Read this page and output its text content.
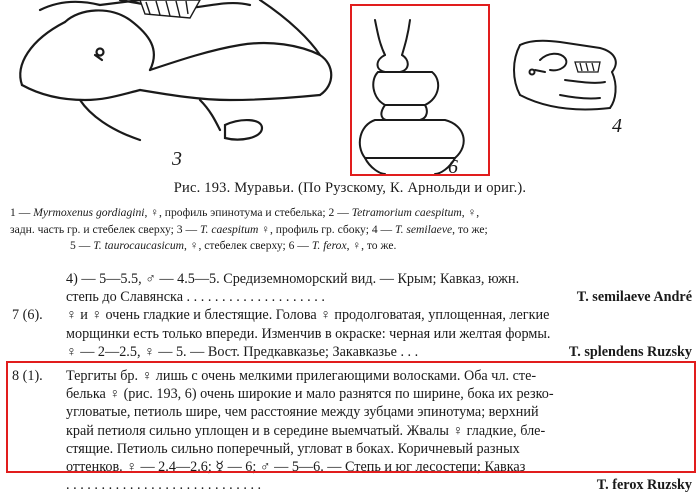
3	6
4
Рис. 193. Муравьи. (По Рузскому, К. Арнольди и ориг.).
1 — Myrmoxenus gordiagini, ♀, профиль эпинотума и стебелька; 2 — Tetramorium caespitum, ♀,
задн. часть гр. и стебелек сверху; 3 — T. caespitum ♀, профиль гр. сбоку; 4 — T. semilaeve, то же;
5 — T. taurocaucasicum, ♀, стебелек сверху; 6 — T. ferox, ♀, то же.
4) — 5—5.5, ♂ — 4.5—5. Средиземноморский вид. — Крым; Кавказ, южн.
степь до Славянска . . . . . . . . . . . . . . . . . . . .	T. semilaeve André
7 (6). ♀ и ♀ очень гладкие и блестящие. Голова ♀ продолговатая, уплощенная, легкие
морщинки есть только впереди. Изменчив в окраске: черная или желтая формы.
♀ — 2—2.5, ♀ — 5. — Вост. Предкавказье; Закавказье . . .	T. splendens Ruzsky
8 (1). Тергиты бр. ♀ лишь с очень мелкими прилегающими волосками. Оба чл. сте-
белька ♀ (рис. 193, 6) очень широкие и мало разнятся по ширине, бока их резко-
угловатые, петиоль шире, чем расстояние между зубцами эпинотума; верхний
край петиоля сильно уплощен и в середине выемчатый. Жвалы ♀ гладкие, бле-
стящие. Петиоль сильно поперечный, угловат в боках. Коричневый разных
оттенков. ♀ — 2.4—2.6; ☿ — 6; ♂ — 5—6. — Степь и юг лесостепи; Кавказ
. . . . . . . . . . . . . . . . . . . . . . . . . . . .	T. ferox Ruzsky
